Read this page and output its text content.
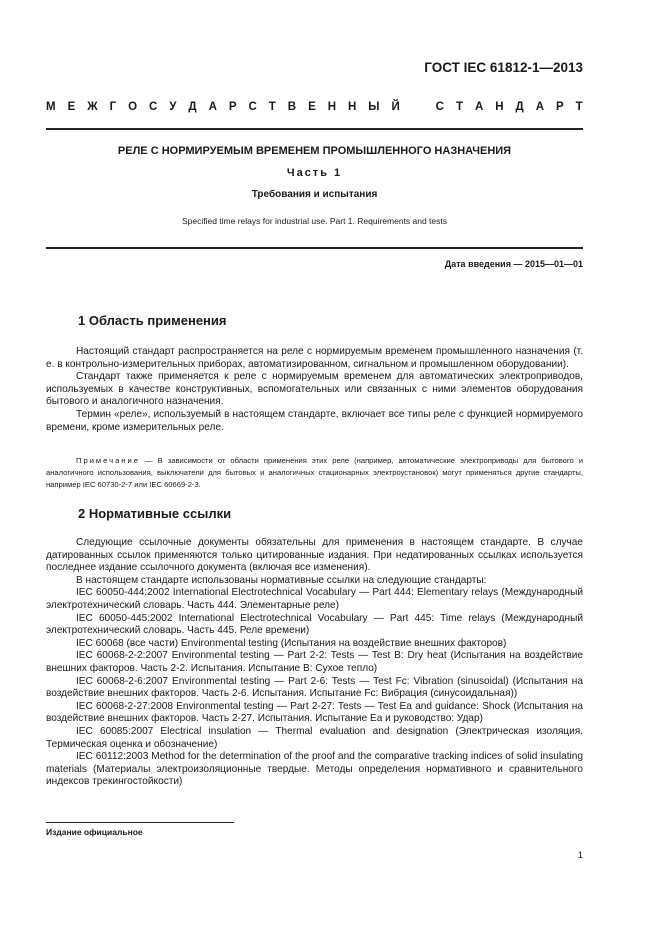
ГОСТ IEC 61812-1—2013
М Е Ж Г О С У Д А Р С Т В Е Н Н Ы Й	С Т А Н Д А Р Т
РЕЛЕ С НОРМИРУЕМЫМ ВРЕМЕНЕМ ПРОМЫШЛЕННОГО НАЗНАЧЕНИЯ
Часть 1
Требования и испытания
Specified time relays for industrial use. Part 1. Requirements and tests
Дата введения — 2015—01—01
1 Область применения

Настоящий стандарт распространяется на реле с нормируемым временем промышленного назначения (т. е. в контрольно-измерительных приборах, автоматизированном, сигнальном и промышленном оборудовании).

Стандарт также применяется к реле с нормируемым временем для автоматических электроприводов, используемых в качестве конструктивных, вспомогательных или связанных с ними элементов оборудования бытового и аналогичного назначения.

Термин «реле», используемый в настоящем стандарте, включает все типы реле с функцией нормируемого времени, кроме измерительных реле.

Примечание — В зависимости от области применения этих реле (например, автоматические электроприводы для бытового и аналогичного использования, выключатели для бытовых и аналогичных стационарных электроустановок) могут применяться другие стандарты, например IEC 60730-2-7 или IEC 60669-2-3.
2 Нормативные ссылки

Следующие ссылочные документы обязательны для применения в настоящем стандарте. В случае датированных ссылок применяются только цитированные издания. При недатированных ссылках используется последнее издание ссылочного документа (включая все изменения).

В настоящем стандарте использованы нормативные ссылки на следующие стандарты:

IEC 60050-444:2002 International Electrotechnical Vocabulary — Part 444: Elementary relays (Международный электротехнический словарь. Часть 444. Элементарные реле)

IEC 60050-445:2002 International Electrotechnical Vocabulary — Part 445: Time relays (Международный электротехнический словарь. Часть 445. Реле времени)

IEC 60068 (все части) Environmental testing (Испытания на воздействие внешних факторов)

IEC 60068-2-2:2007 Environmental testing — Part 2-2: Tests — Test B: Dry heat (Испытания на воздействие внешних факторов. Часть 2-2. Испытания. Испытание В: Сухое тепло)

IEC 60068-2-6:2007 Environmental testing — Part 2-6: Tests — Test Fc: Vibration (sinusoidal) (Испытания на воздействие внешних факторов. Часть 2-6. Испытания. Испытание Fc: Вибрация (синусоидальная))

IEC 60068-2-27:2008 Environmental testing — Part 2-27: Tests — Test Ea and guidance: Shock (Испытания на воздействие внешних факторов. Часть 2-27. Испытания. Испытание Еа и руководство: Удар)

IEC 60085:2007 Electrical insulation — Thermal evaluation and designation (Электрическая изоляция. Термическая оценка и обозначение)

IEC 60112:2003 Method for the determination of the proof and the comparative tracking indices of solid insulating materials (Материалы электроизоляционные твердые. Методы определения нормативного и сравнительного индексов трекингостойкости)

Издание официальное
1
